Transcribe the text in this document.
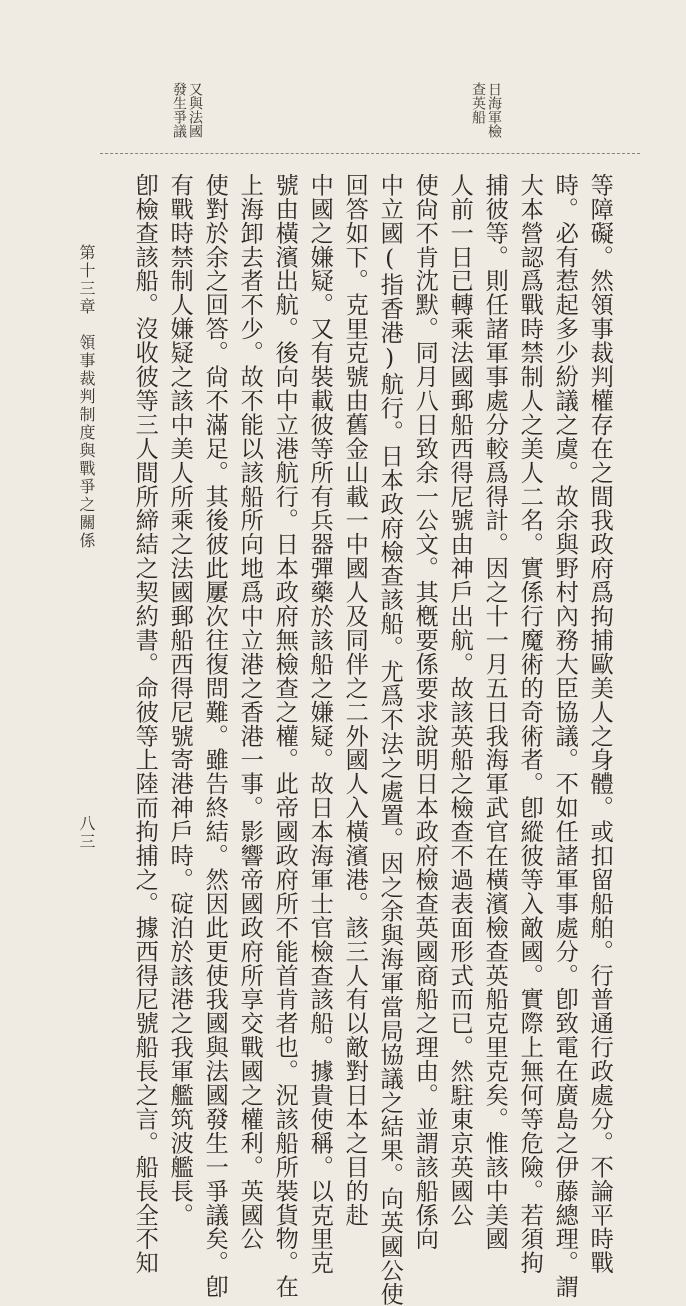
日海軍檢
查英船
又與法國
發生爭議
等障礙。然領事裁判權存在之間我政府爲拘捕歐美人之身體。或扣留船舶。行普通行政處分。不論平時戰
時。必有惹起多少紛議之虞。故余與野村內務大臣協議。不如任諸軍事處分。卽致電在廣島之伊藤總理。謂
大本營認爲戰時禁制人之美人二名。實係行魔術的奇術者。卽縱彼等入敵國。實際上無何等危險。若須拘
捕彼等。則任諸軍事處分較爲得計。因之十一月五日我海軍武官在橫濱檢查英船克里克矣。惟該中美國
人前一日已轉乘法國郵船西得尼號由神戶出航。故該英船之檢查不過表面形式而已。然駐東京英國公
使尙不肯沈默。同月八日致余一公文。其槪要係要求說明日本政府檢查英國商船之理由。並謂該船係向
中立國(指香港)航行。日本政府檢查該船。尤爲不法之處置。因之余與海軍當局協議之結果。向英國公使
回答如下。克里克號由舊金山載一中國人及同伴之二外國人入橫濱港。該三人有以敵對日本之目的赴
中國之嫌疑。又有裝載彼等所有兵器彈藥於該船之嫌疑。故日本海軍士官檢查該船。據貴使稱。以克里克
號由橫濱出航。後向中立港航行。日本政府無檢查之權。此帝國政府所不能首肯者也。況該船所裝貨物。在
上海卸去者不少。故不能以該船所向地爲中立港之香港一事。影響帝國政府所享交戰國之權利。英國公
使對於余之回答。尙不滿足。其後彼此屢次往復問難。雖告終結。然因此更使我國與法國發生一爭議矣。卽
有戰時禁制人嫌疑之該中美人所乘之法國郵船西得尼號寄港神戶時。碇泊於該港之我軍艦筑波艦長。
卽檢查該船。沒收彼等三人間所締結之契約書。命彼等上陸而拘捕之。據西得尼號船長之言。船長全不知
第十三章　領事裁判制度與戰爭之關係
八三
